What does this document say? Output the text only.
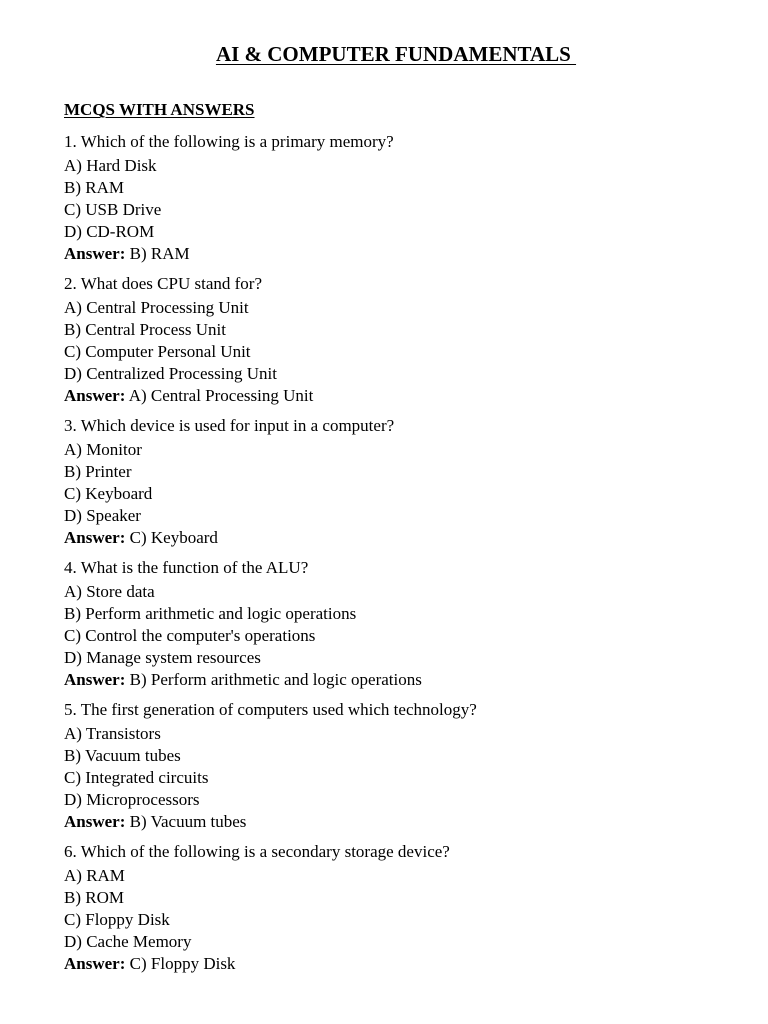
AI & COMPUTER FUNDAMENTALS
MCQS WITH ANSWERS
1. Which of the following is a primary memory?
A) Hard Disk
B) RAM
C) USB Drive
D) CD-ROM
Answer: B) RAM
2. What does CPU stand for?
A) Central Processing Unit
B) Central Process Unit
C) Computer Personal Unit
D) Centralized Processing Unit
Answer: A) Central Processing Unit
3. Which device is used for input in a computer?
A) Monitor
B) Printer
C) Keyboard
D) Speaker
Answer: C) Keyboard
4. What is the function of the ALU?
A) Store data
B) Perform arithmetic and logic operations
C) Control the computer's operations
D) Manage system resources
Answer: B) Perform arithmetic and logic operations
5. The first generation of computers used which technology?
A) Transistors
B) Vacuum tubes
C) Integrated circuits
D) Microprocessors
Answer: B) Vacuum tubes
6. Which of the following is a secondary storage device?
A) RAM
B) ROM
C) Floppy Disk
D) Cache Memory
Answer: C) Floppy Disk
